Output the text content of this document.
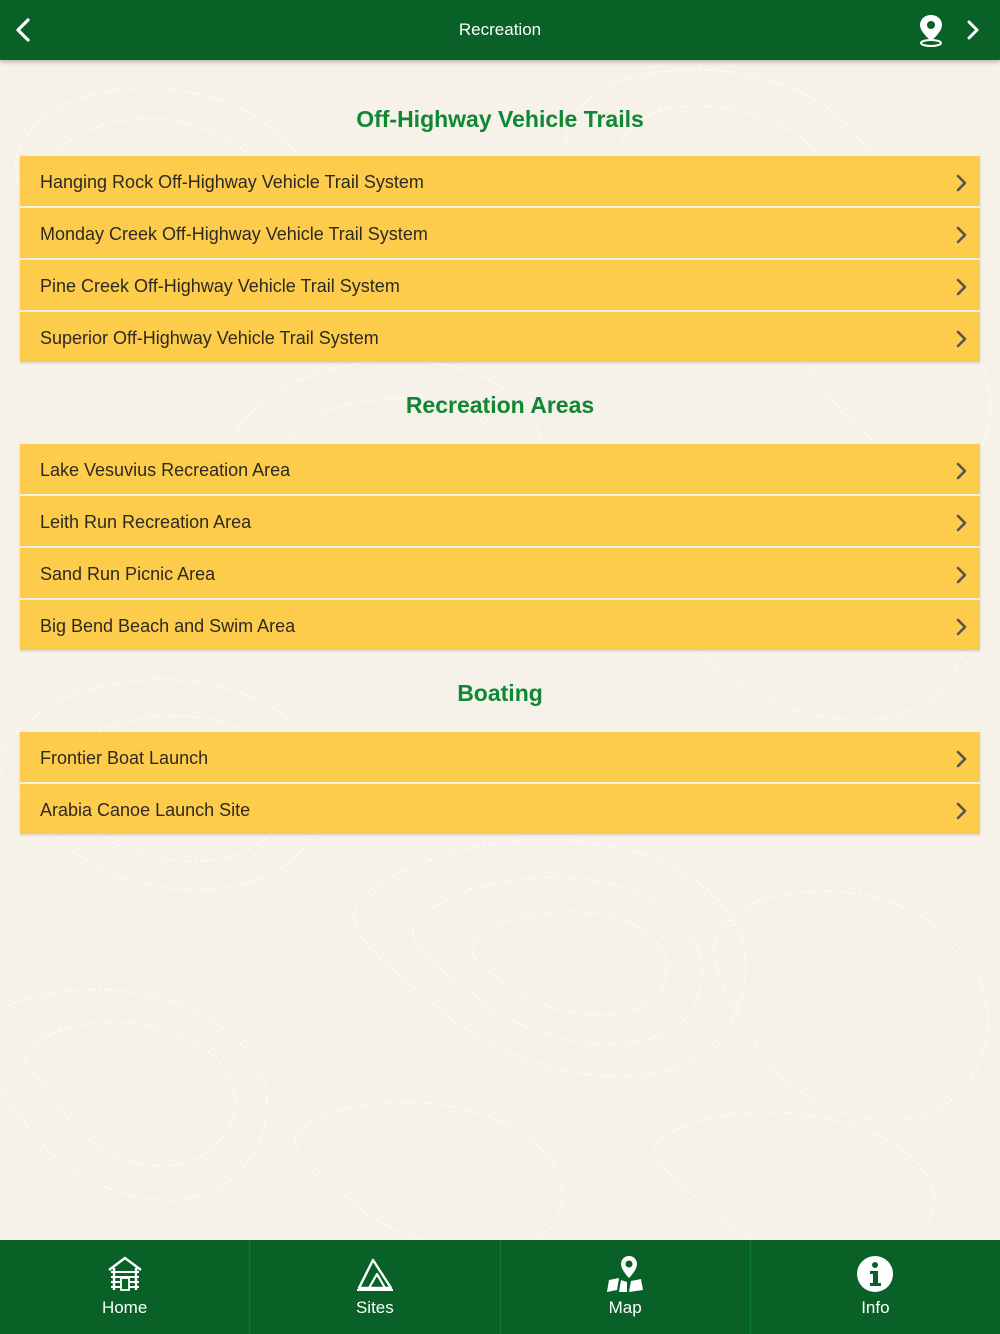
Recreation
Off-Highway Vehicle Trails
Hanging Rock Off-Highway Vehicle Trail System
Monday Creek Off-Highway Vehicle Trail System
Pine Creek Off-Highway Vehicle Trail System
Superior Off-Highway Vehicle Trail System
Recreation Areas
Lake Vesuvius Recreation Area
Leith Run Recreation Area
Sand Run Picnic Area
Big Bend Beach and Swim Area
Boating
Frontier Boat Launch
Arabia Canoe Launch Site
Home	Sites	Map	Info
